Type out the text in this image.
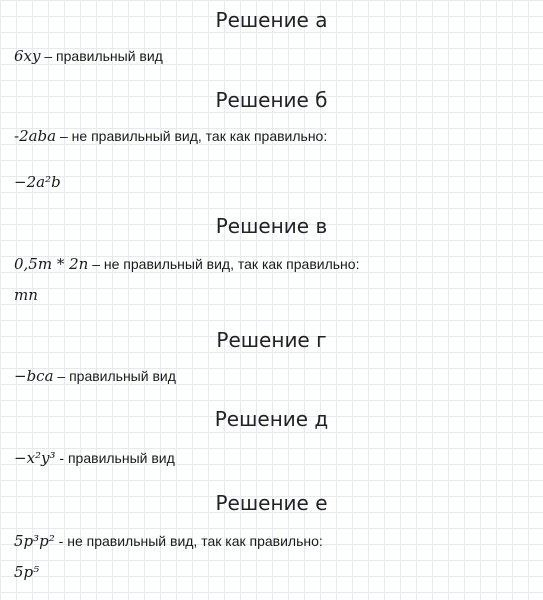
Решение а
6xy – правильный вид
Решение б
-2aba – не правильный вид, так как правильно:
−2a²b
Решение в
0,5m * 2n – не правильный вид, так как правильно:
mn
Решение г
−bca – правильный вид
Решение д
−x²y³ - правильный вид
Решение е
5p³p² - не правильный вид, так как правильно:
5p⁵
